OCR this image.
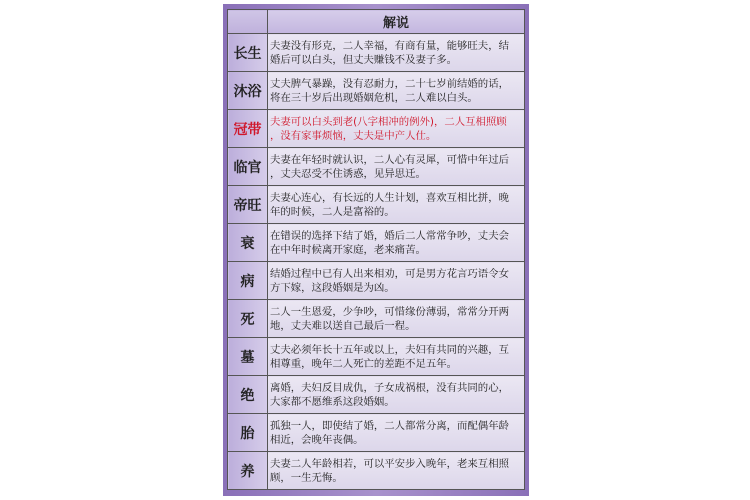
	解说
长生	夫妻没有形克，二人幸福，有商有量，能够旺夫，结
婚后可以白头，但丈夫赚钱不及妻子多。

沐浴	丈夫脾气暴躁，没有忍耐力，二十七岁前结婚的话，
将在三十岁后出现婚姻危机，二人难以白头。

冠带	夫妻可以白头到老(八字相冲的例外)，二人互相照顾
，没有家事烦恼，丈夫是中产人仕。

临官	夫妻在年轻时就认识，二人心有灵犀，可惜中年过后
，丈夫忍受不住诱惑，见异思迁。

帝旺	夫妻心连心，有长远的人生计划，喜欢互相比拼，晚
年的时候，二人是富裕的。

衰	在错误的选择下结了婚，婚后二人常常争吵，丈夫会
在中年时候离开家庭，老来痛苦。

病	结婚过程中已有人出来相劝，可是男方花言巧语令女
方下嫁，这段婚姻是为凶。

死	二人一生恩爱，少争吵，可惜缘份薄弱，常常分开两
地，丈夫难以送自己最后一程。

墓	丈夫必须年长十五年或以上，夫妇有共同的兴趣，互
相尊重，晚年二人死亡的差距不足五年。

绝	离婚，夫妇反目成仇，子女成祸根，没有共同的心，
大家都不愿维系这段婚姻。

胎	孤独一人，即使结了婚，二人都常分离，而配偶年龄
相近，会晚年丧偶。

养	夫妻二人年龄相若，可以平安步入晚年，老来互相照
顾，一生无悔。
